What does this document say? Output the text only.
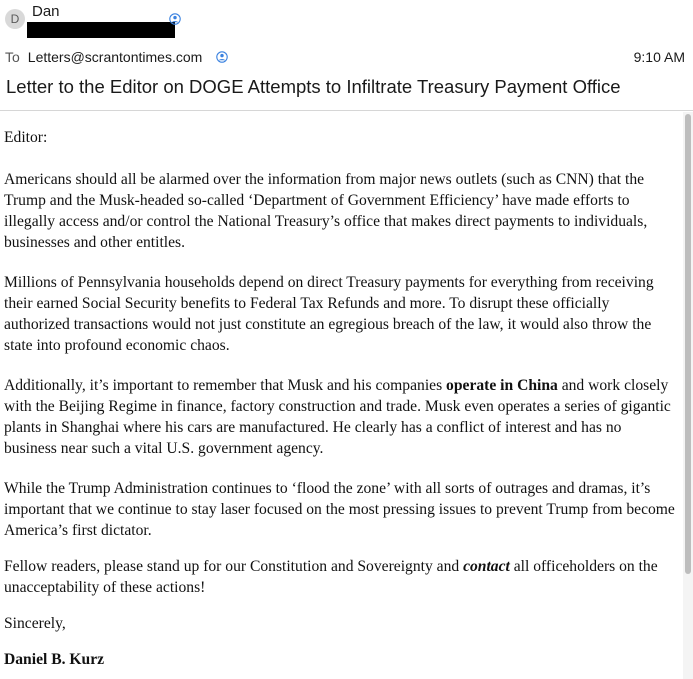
D Dan
To Letters@scrantontimes.com	9:10 AM
Letter to the Editor on DOGE Attempts to Infiltrate Treasury Payment Office

Editor:

Americans should all be alarmed over the information from major news outlets (such as CNN) that the Trump and the Musk-headed so-called ‘Department of Government Efficiency’ have made efforts to illegally access and/or control the National Treasury’s office that makes direct payments to individuals, businesses and other entitles.

Millions of Pennsylvania households depend on direct Treasury payments for everything from receiving their earned Social Security benefits to Federal Tax Refunds and more. To disrupt these officially authorized transactions would not just constitute an egregious breach of the law, it would also throw the state into profound economic chaos.

Additionally, it’s important to remember that Musk and his companies operate in China and work closely with the Beijing Regime in finance, factory construction and trade. Musk even operates a series of gigantic plants in Shanghai where his cars are manufactured. He clearly has a conflict of interest and has no business near such a vital U.S. government agency.

While the Trump Administration continues to ‘flood the zone’ with all sorts of outrages and dramas, it’s important that we continue to stay laser focused on the most pressing issues to prevent Trump from become America’s first dictator.

Fellow readers, please stand up for our Constitution and Sovereignty and contact all officeholders on the unacceptability of these actions!

Sincerely,

Daniel B. Kurz
